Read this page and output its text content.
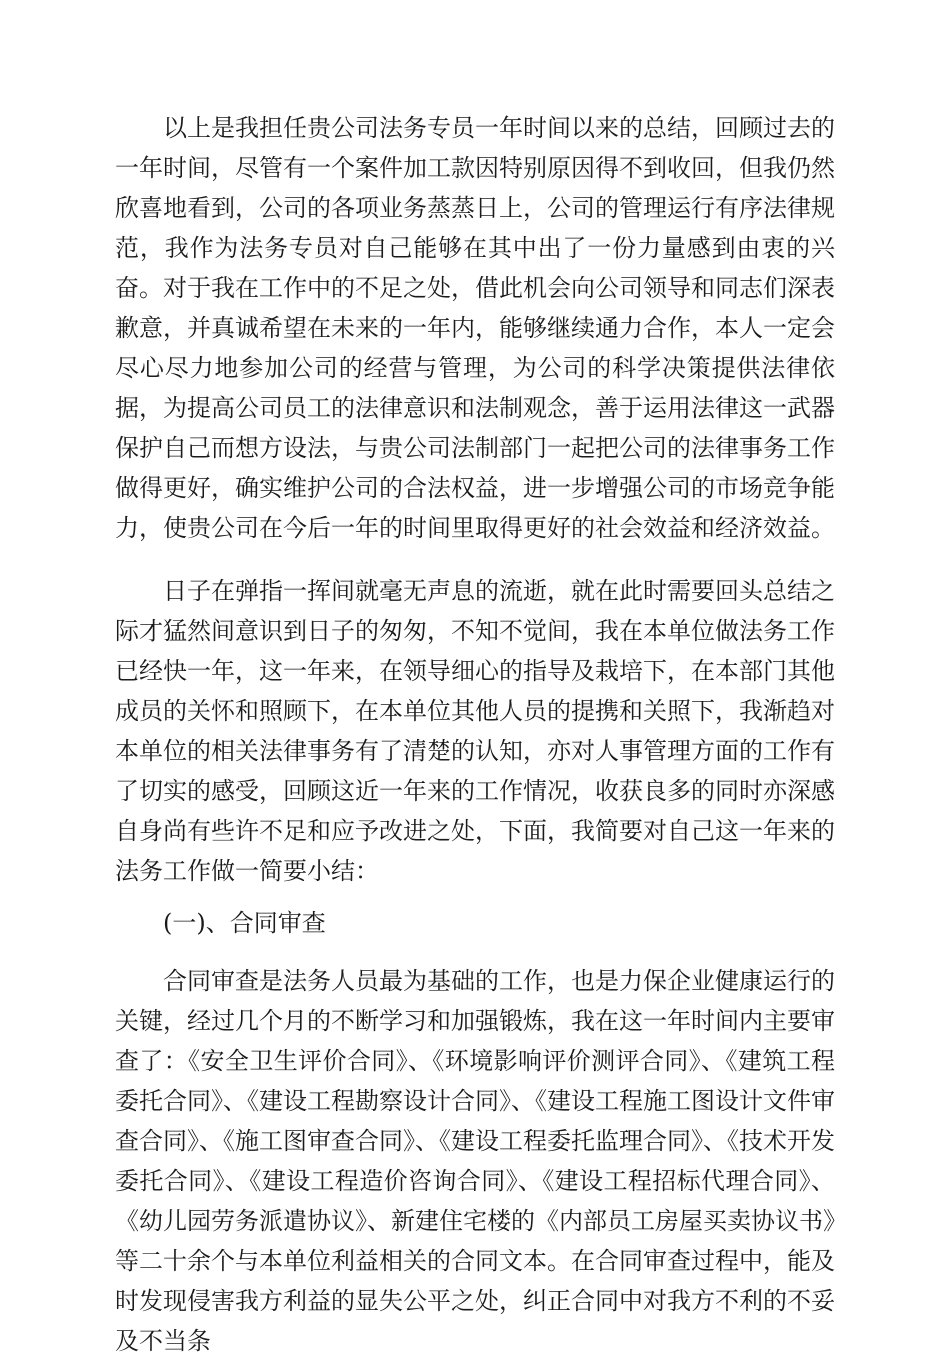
以上是我担任贵公司法务专员一年时间以来的总结，回顾过去的一年时间，尽管有一个案件加工款因特别原因得不到收回，但我仍然欣喜地看到，公司的各项业务蒸蒸日上，公司的管理运行有序法律规范，我作为法务专员对自己能够在其中出了一份力量感到由衷的兴奋。对于我在工作中的不足之处，借此机会向公司领导和同志们深表歉意，并真诚希望在未来的一年内，能够继续通力合作，本人一定会尽心尽力地参加公司的经营与管理，为公司的科学决策提供法律依据，为提高公司员工的法律意识和法制观念，善于运用法律这一武器保护自己而想方设法，与贵公司法制部门一起把公司的法律事务工作做得更好，确实维护公司的合法权益，进一步增强公司的市场竞争能力，使贵公司在今后一年的时间里取得更好的社会效益和经济效益。

日子在弹指一挥间就毫无声息的流逝，就在此时需要回头总结之际才猛然间意识到日子的匆匆，不知不觉间，我在本单位做法务工作已经快一年，这一年来，在领导细心的指导及栽培下，在本部门其他成员的关怀和照顾下，在本单位其他人员的提携和关照下，我渐趋对本单位的相关法律事务有了清楚的认知，亦对人事管理方面的工作有了切实的感受，回顾这近一年来的工作情况，收获良多的同时亦深感自身尚有些许不足和应予改进之处，下面，我简要对自己这一年来的法务工作做一简要小结：

(一)、合同审查

合同审查是法务人员最为基础的工作，也是力保企业健康运行的关键，经过几个月的不断学习和加强锻炼，我在这一年时间内主要审查了：《安全卫生评价合同》、《环境影响评价测评合同》、《建筑工程委托合同》、《建设工程勘察设计合同》、《建设工程施工图设计文件审查合同》、《施工图审查合同》、《建设工程委托监理合同》、《技术开发委托合同》、《建设工程造价咨询合同》、《建设工程招标代理合同》、《幼儿园劳务派遣协议》、新建住宅楼的《内部员工房屋买卖协议书》等二十余个与本单位利益相关的合同文本。在合同审查过程中，能及时发现侵害我方利益的显失公平之处，纠正合同中对我方不利的不妥及不当条
